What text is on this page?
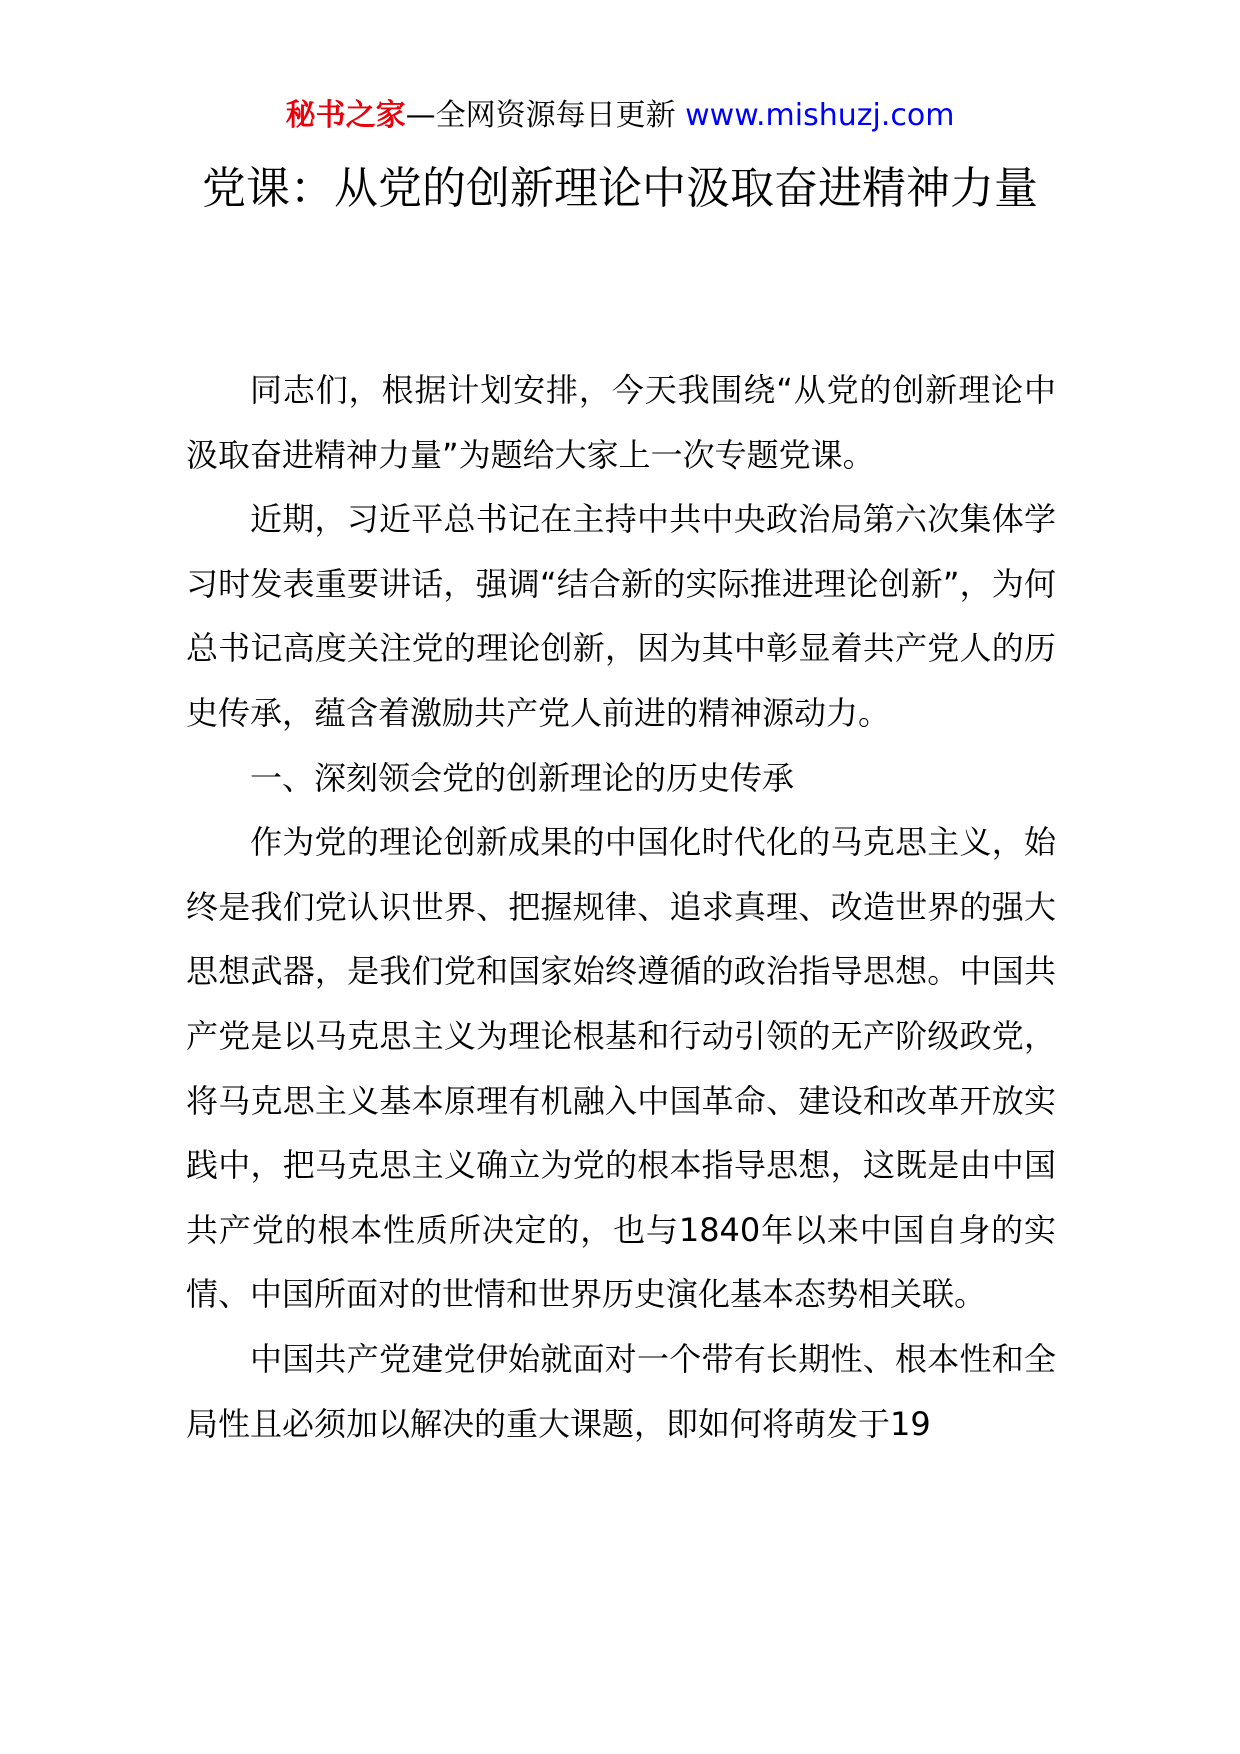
秘书之家—全网资源每日更新 www.mishuzj.com
党课：从党的创新理论中汲取奋进精神力量

同志们，根据计划安排，今天我围绕“从党的创新理论中汲取奋进精神力量”为题给大家上一次专题党课。

近期，习近平总书记在主持中共中央政治局第六次集体学习时发表重要讲话，强调“结合新的实际推进理论创新”，为何总书记高度关注党的理论创新，因为其中彰显着共产党人的历史传承，蕴含着激励共产党人前进的精神源动力。

一、深刻领会党的创新理论的历史传承

作为党的理论创新成果的中国化时代化的马克思主义，始终是我们党认识世界、把握规律、追求真理、改造世界的强大思想武器，是我们党和国家始终遵循的政治指导思想。中国共产党是以马克思主义为理论根基和行动引领的无产阶级政党，将马克思主义基本原理有机融入中国革命、建设和改革开放实践中，把马克思主义确立为党的根本指导思想，这既是由中国共产党的根本性质所决定的，也与1840年以来中国自身的实情、中国所面对的世情和世界历史演化基本态势相关联。

中国共产党建党伊始就面对一个带有长期性、根本性和全局性且必须加以解决的重大课题，即如何将萌发于19
